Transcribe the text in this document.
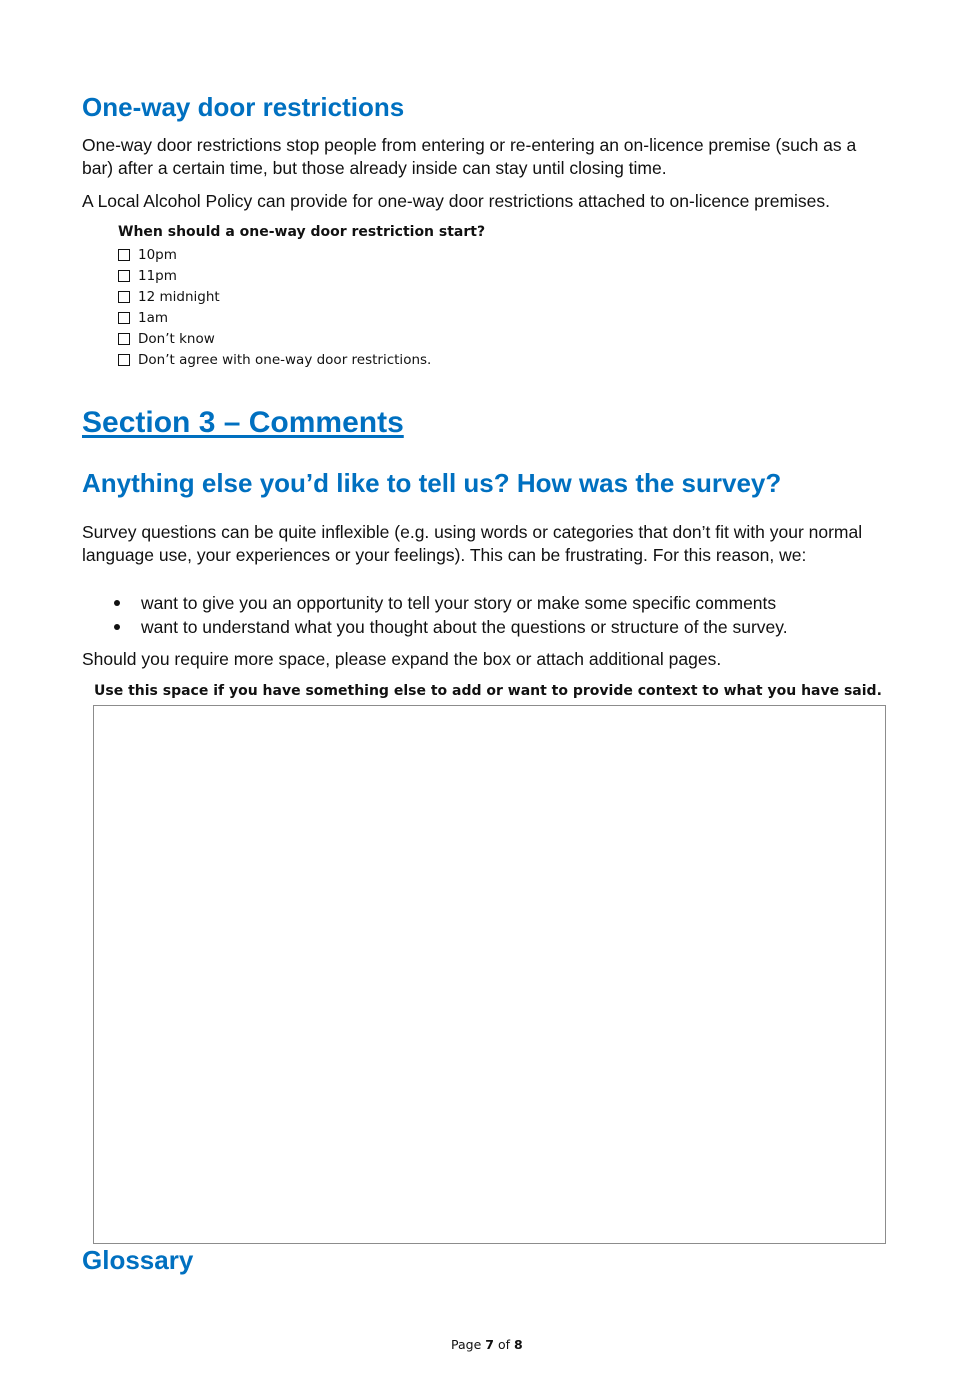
One-way door restrictions

One-way door restrictions stop people from entering or re-entering an on-licence premise (such as a bar) after a certain time, but those already inside can stay until closing time.

A Local Alcohol Policy can provide for one-way door restrictions attached to on-licence premises.

When should a one-way door restriction start?

10pm
11pm
12 midnight
1am
Don’t know
Don’t agree with one-way door restrictions.
Section 3 – Comments
Anything else you’d like to tell us? How was the survey?

Survey questions can be quite inflexible (e.g. using words or categories that don’t fit with your normal language use, your experiences or your feelings). This can be frustrating. For this reason, we:

want to give you an opportunity to tell your story or make some specific comments
want to understand what you thought about the questions or structure of the survey.

Should you require more space, please expand the box or attach additional pages.

Use this space if you have something else to add or want to provide context to what you have said.
Glossary
Page 7 of 8
